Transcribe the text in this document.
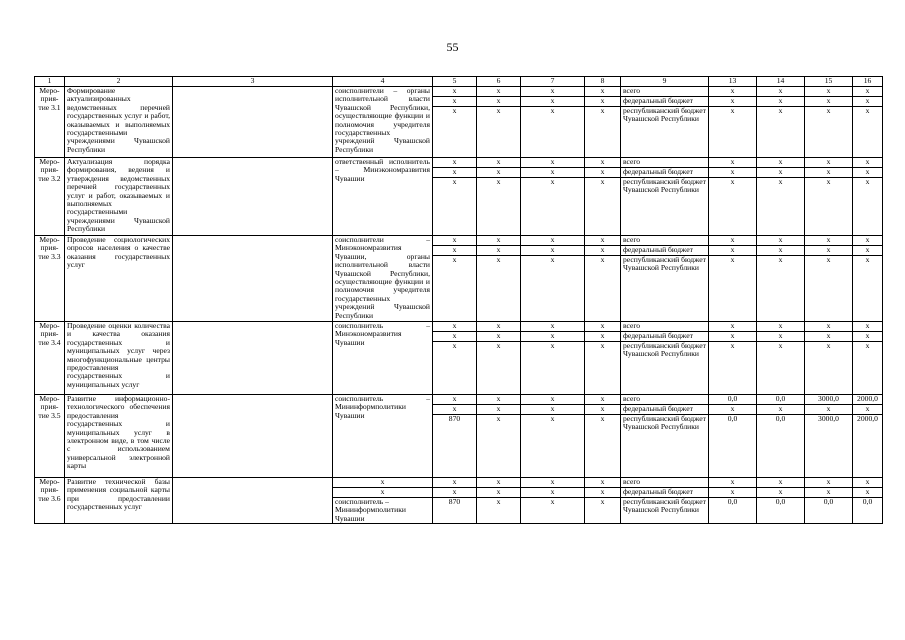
55
1	2	3	4	5	6	7	8	9	13	14	15	16
Меро-
прия-
тие 3.1	Формирование актуализированных ведомственных перечней государственных услуг и работ, оказываемых и выполняемых государственными учреждениями Чувашской Республики		соисполнители – органы исполнительной власти Чувашской Республики, осуществляющие функции и полномочия учредителя государственных учреждений Чувашской Республики	x	x	x	x	всего	x	x	x	x
				x	x	x	x	федеральный бюджет	x	x	x	x
				x	x	x	x	республиканский бюджет Чувашской Республики	x	x	x	x
Меро-
прия-
тие 3.2	Актуализация порядка формирования, ведения и утверждения ведомственных перечней государственных услуг и работ, оказываемых и выполняемых государственными учреждениями Чувашской Республики		ответственный исполнитель – Минэкономразвития Чувашии	x	x	x	x	всего	x	x	x	x
				x	x	x	x	федеральный бюджет	x	x	x	x
				x	x	x	x	республиканский бюджет Чувашской Республики	x	x	x	x
Меро-
прия-
тие 3.3	Проведение социологических опросов населения о качестве оказания государственных услуг		соисполнители – Минэкономразвития Чувашии, органы исполнительной власти Чувашской Республики, осуществляющие функции и полномочия учредителя государственных учреждений Чувашской Республики	x	x	x	x	всего	x	x	x	x
				x	x	x	x	федеральный бюджет	x	x	x	x
				x	x	x	x	республиканский бюджет Чувашской Республики	x	x	x	x
Меро-
прия-
тие 3.4	Проведение оценки количества и качества оказания государственных и муниципальных услуг через многофункциональные центры предоставления государственных и муниципальных услуг		соисполнитель – Минэкономразвития Чувашии	x	x	x	x	всего	x	x	x	x
				x	x	x	x	федеральный бюджет	x	x	x	x
				x	x	x	x	республиканский бюджет Чувашской Республики	x	x	x	x
Меро-
прия-
тие 3.5	Развитие информационно-технологического обеспечения предоставления государственных и муниципальных услуг в электронном виде, в том числе с использованием универсальной электронной карты		соисполнитель – Мининформполитики Чувашии	x	x	x	x	всего	0,0	0,0	3000,0	2000,0
				x	x	x	x	федеральный бюджет	x	x	x	x
				870	x	x	x	республиканский бюджет Чувашской Республики	0,0	0,0	3000,0	2000,0
Меро-
прия-
тие 3.6	Развитие технической базы применения социальной карты при предоставлении государственных услуг		x	x	x	x	x	всего	x	x	x	x
			x	x	x	x	x	федеральный бюджет	x	x	x	x
			соисполнитель – Мининформполитики Чувашии	870	x	x	x	республиканский бюджет Чувашской Республики	0,0	0,0	0,0	0,0
